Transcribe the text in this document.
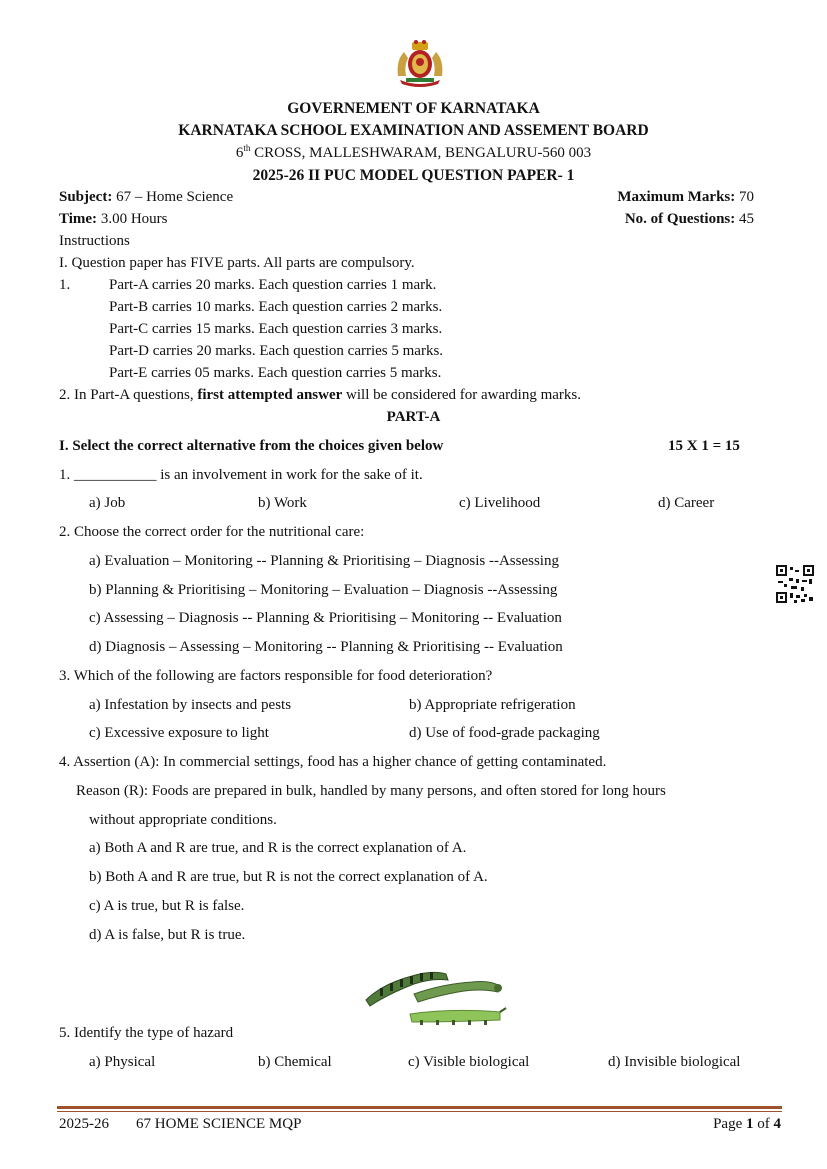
GOVERNEMENT OF KARNATAKA
KARNATAKA SCHOOL EXAMINATION AND ASSEMENT BOARD
6th CROSS, MALLESHWARAM, BENGALURU-560 003
2025-26 II PUC MODEL QUESTION PAPER- 1
Subject: 67 – Home Science	Maximum Marks: 70
Time: 3.00 Hours	No. of Questions: 45
Instructions
I. Question paper has FIVE parts. All parts are compulsory.
1.	Part-A carries 20 marks. Each question carries 1 mark.
Part-B carries 10 marks. Each question carries 2 marks.
Part-C carries 15 marks. Each question carries 3 marks.
Part-D carries 20 marks. Each question carries 5 marks.
Part-E carries 05 marks. Each question carries 5 marks.
2. In Part-A questions, first attempted answer will be considered for awarding marks.
PART-A
I. Select the correct alternative from the choices given below	15 X 1 = 15
1. ___________ is an involvement in work for the sake of it.
a) Job	b) Work	c) Livelihood	d) Career
2. Choose the correct order for the nutritional care:
a) Evaluation – Monitoring -- Planning & Prioritising – Diagnosis --Assessing
b) Planning & Prioritising – Monitoring – Evaluation – Diagnosis --Assessing
c) Assessing – Diagnosis -- Planning & Prioritising – Monitoring -- Evaluation
d) Diagnosis – Assessing – Monitoring -- Planning & Prioritising -- Evaluation
3. Which of the following are factors responsible for food deterioration?
a) Infestation by insects and pests	b) Appropriate refrigeration
c) Excessive exposure to light	d) Use of food-grade packaging
4. Assertion (A): In commercial settings, food has a higher chance of getting contaminated.
Reason (R): Foods are prepared in bulk, handled by many persons, and often stored for long hours
without appropriate conditions.
a) Both A and R are true, and R is the correct explanation of A.
b) Both A and R are true, but R is not the correct explanation of A.
c) A is true, but R is false.
d) A is false, but R is true.
5. Identify the type of hazard
a) Physical	b) Chemical	c) Visible biological	d) Invisible biological
2025-26 67 HOME SCIENCE MQP	Page 1 of 4
